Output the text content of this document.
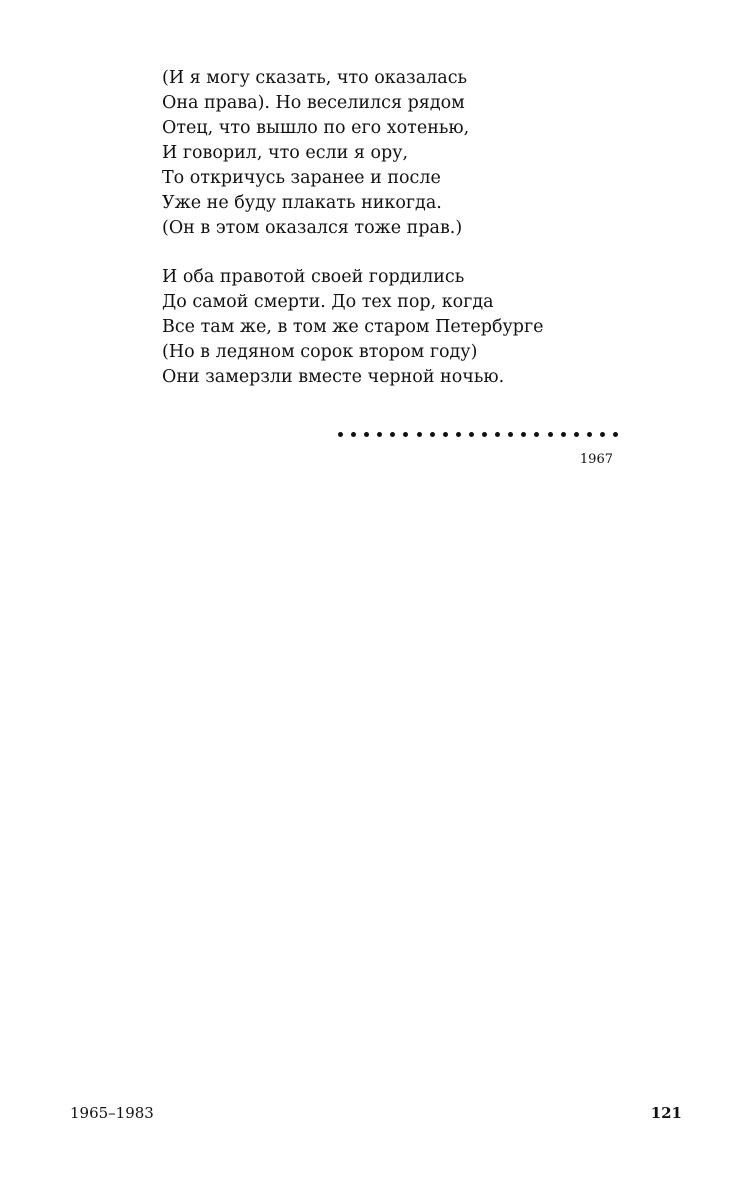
(И я могу сказать, что оказалась
Она права). Но веселился рядом
Отец, что вышло по его хотенью,
И говорил, что если я ору,
То откричусь заранее и после
Уже не буду плакать никогда.
(Он в этом оказался тоже прав.)

И оба правотой своей гордились
До самой смерти. До тех пор, когда
Все там же, в том же старом Петербурге
(Но в ледяном сорок втором году)
Они замерзли вместе черной ночью.

1967
1965–1983	121
